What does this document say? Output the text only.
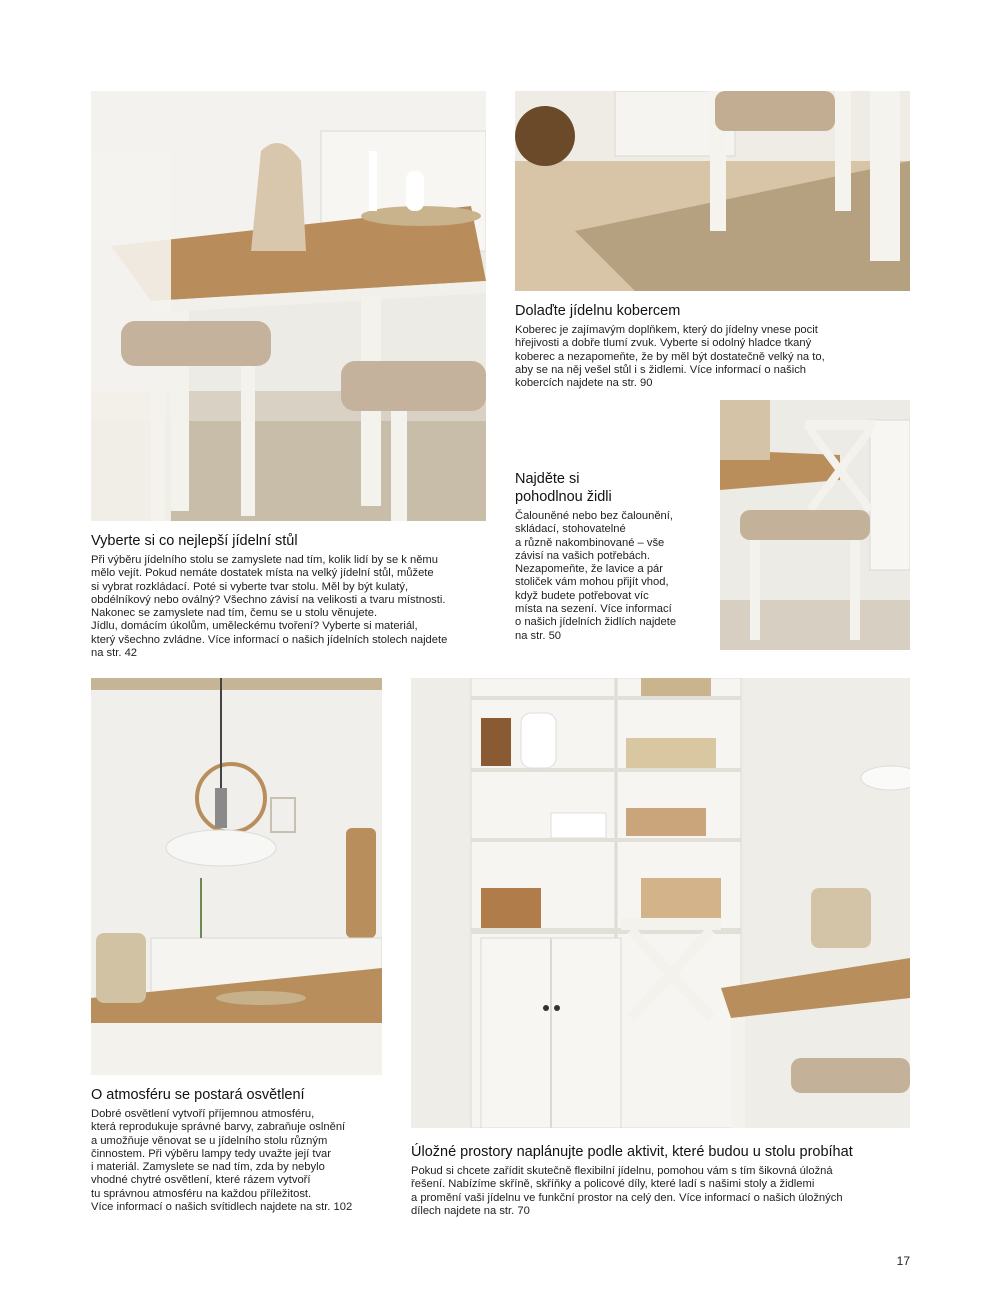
Vyberte si co nejlepší jídelní stůl

Při výběru jídelního stolu se zamyslete nad tím, kolik lidí by se k němu
mělo vejít. Pokud nemáte dostatek místa na velký jídelní stůl, můžete
si vybrat rozkládací. Poté si vyberte tvar stolu. Měl by být kulatý,
obdélníkový nebo oválný? Všechno závisí na velikosti a tvaru místnosti.
Nakonec se zamyslete nad tím, čemu se u stolu věnujete.
Jídlu, domácím úkolům, uměleckému tvoření? Vyberte si materiál,
který všechno zvládne. Více informací o našich jídelních stolech najdete
na str. 42

Dolaďte jídelnu kobercem

Koberec je zajímavým doplňkem, který do jídelny vnese pocit
hřejivosti a dobře tlumí zvuk. Vyberte si odolný hladce tkaný
koberec a nezapomeňte, že by měl být dostatečně velký na to,
aby se na něj vešel stůl i s židlemi. Více informací o našich
kobercích najdete na str. 90

Najděte si
pohodlnou židli

Čalouněné nebo bez čalounění,
skládací, stohovatelné
a různě nakombinované – vše
závisí na vašich potřebách.
Nezapomeňte, že lavice a pár
stoliček vám mohou přijít vhod,
když budete potřebovat víc
místa na sezení. Více informací
o našich jídelních židlích najdete
na str. 50

O atmosféru se postará osvětlení

Dobré osvětlení vytvoří příjemnou atmosféru,
která reprodukuje správné barvy, zabraňuje oslnění
a umožňuje věnovat se u jídelního stolu různým
činnostem. Při výběru lampy tedy uvažte její tvar
i materiál. Zamyslete se nad tím, zda by nebylo
vhodné chytré osvětlení, které rázem vytvoří
tu správnou atmosféru na každou příležitost.
Více informací o našich svítidlech najdete na str. 102

Úložné prostory naplánujte podle aktivit, které budou u stolu probíhat

Pokud si chcete zařídit skutečně flexibilní jídelnu, pomohou vám s tím šikovná úložná
řešení. Nabízíme skříně, skříňky a policové díly, které ladí s našimi stoly a židlemi
a promění vaši jídelnu ve funkční prostor na celý den. Více informací o našich úložných
dílech najdete na str. 70

17
